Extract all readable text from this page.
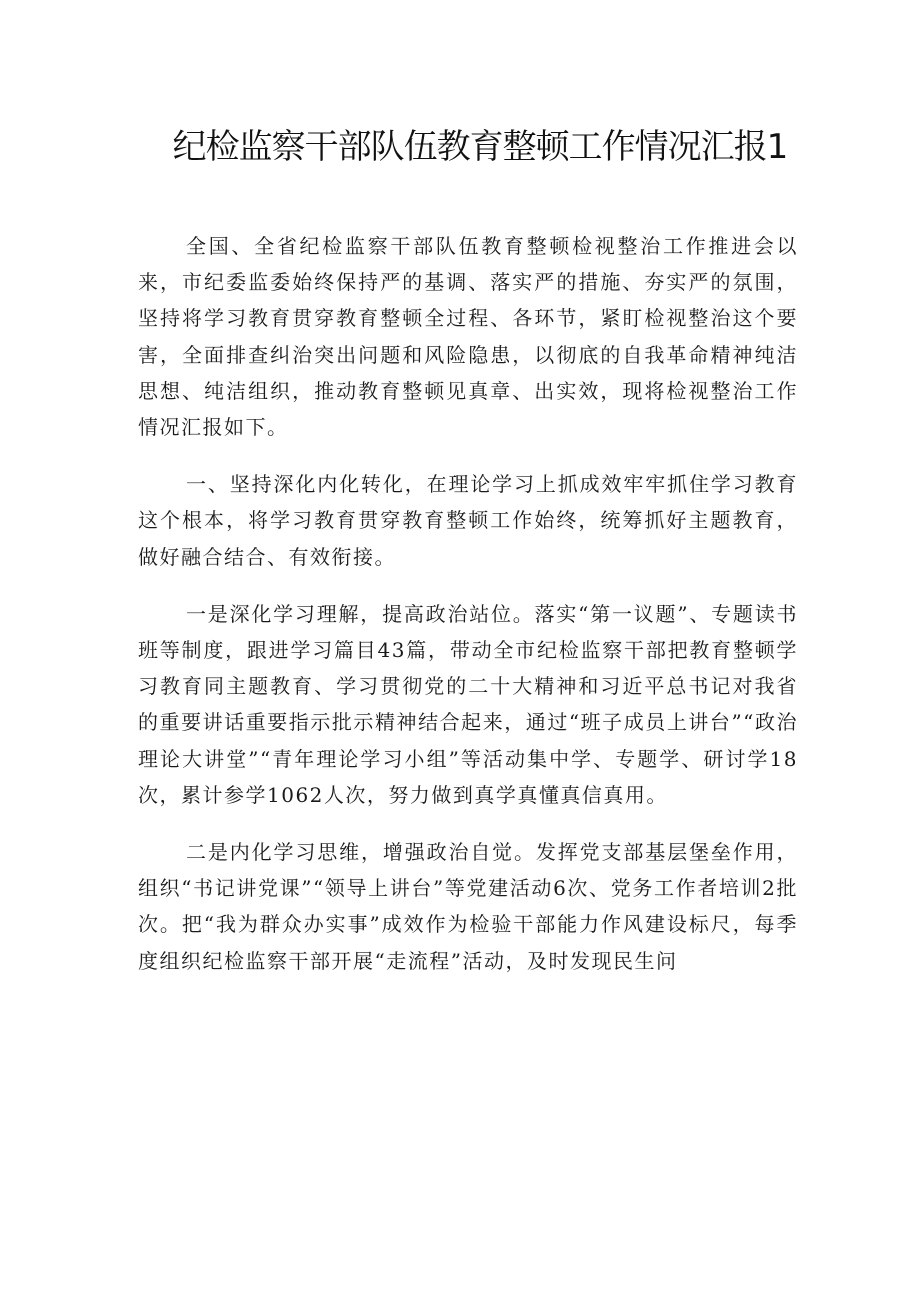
纪检监察干部队伍教育整顿工作情况汇报1

全国、全省纪检监察干部队伍教育整顿检视整治工作推进会以来，市纪委监委始终保持严的基调、落实严的措施、夯实严的氛围，坚持将学习教育贯穿教育整顿全过程、各环节，紧盯检视整治这个要害，全面排查纠治突出问题和风险隐患，以彻底的自我革命精神纯洁思想、纯洁组织，推动教育整顿见真章、出实效，现将检视整治工作情况汇报如下。

一、坚持深化内化转化，在理论学习上抓成效牢牢抓住学习教育这个根本，将学习教育贯穿教育整顿工作始终，统筹抓好主题教育，做好融合结合、有效衔接。

一是深化学习理解，提高政治站位。落实“第一议题”、专题读书班等制度，跟进学习篇目43篇，带动全市纪检监察干部把教育整顿学习教育同主题教育、学习贯彻党的二十大精神和习近平总书记对我省的重要讲话重要指示批示精神结合起来，通过“班子成员上讲台”“政治理论大讲堂”“青年理论学习小组”等活动集中学、专题学、研讨学18次，累计参学1062人次，努力做到真学真懂真信真用。

二是内化学习思维，增强政治自觉。发挥党支部基层堡垒作用，组织“书记讲党课”“领导上讲台”等党建活动6次、党务工作者培训2批次。把“我为群众办实事”成效作为检验干部能力作风建设标尺，每季度组织纪检监察干部开展“走流程”活动，及时发现民生问
